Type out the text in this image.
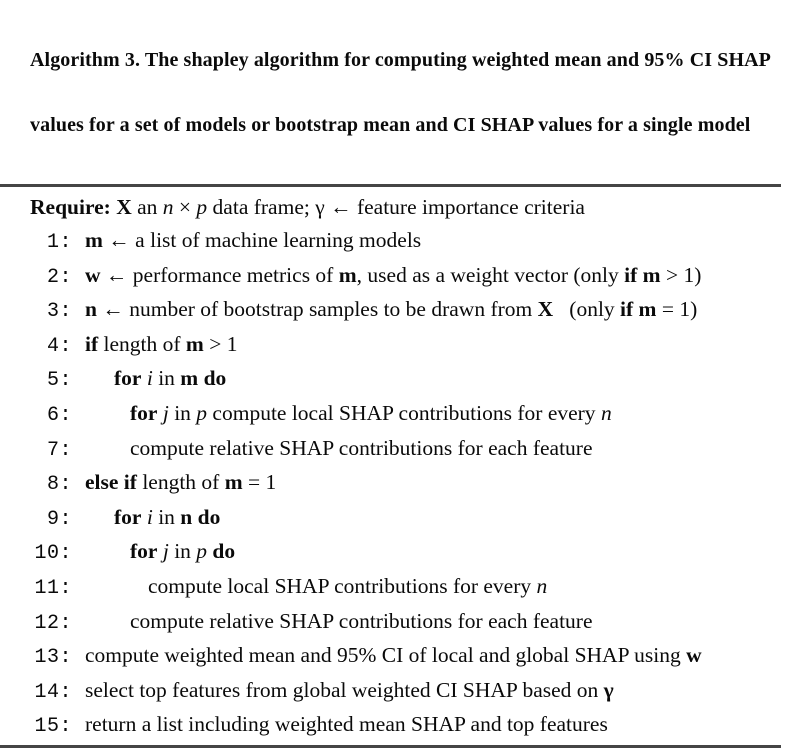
Algorithm 3. The shapley algorithm for computing weighted mean and 95% CI SHAP

values for a set of models or bootstrap mean and CI SHAP values for a single model

Require: X an n × p data frame; γ ← feature importance criteria
1: m ← a list of machine learning models
2: w ← performance metrics of m, used as a weight vector (only if m > 1)
3: n ← number of bootstrap samples to be drawn from X   (only if m = 1)
4: if length of m > 1
5: for i in m do
6:	for j in p compute local SHAP contributions for every n
7:	compute relative SHAP contributions for each feature
8: else if length of m = 1
9: for i in n do
10:	for j in p do
11:	compute local SHAP contributions for every n
12:	compute relative SHAP contributions for each feature
13: compute weighted mean and 95% CI of local and global SHAP using w
14: select top features from global weighted CI SHAP based on γ
15: return a list including weighted mean SHAP and top features
